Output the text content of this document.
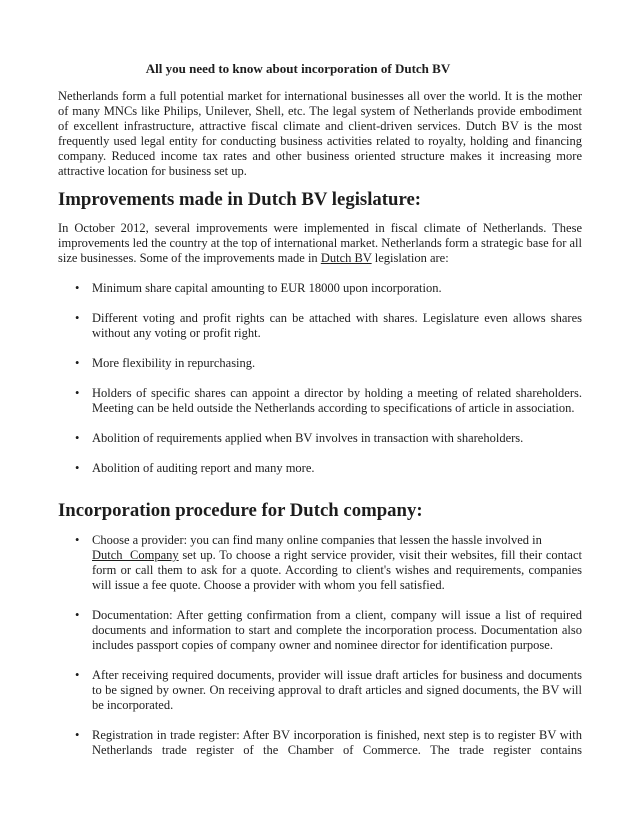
All you need to know about incorporation of Dutch BV

Netherlands form a full potential market for international businesses all over the world. It is the mother of many MNCs like Philips, Unilever, Shell, etc. The legal system of Netherlands provide embodiment of excellent infrastructure, attractive fiscal climate and client-driven services. Dutch BV is the most frequently used legal entity for conducting business activities related to royalty, holding and financing company. Reduced income tax rates and other business oriented structure makes it increasing more attractive location for business set up.

Improvements made in Dutch BV legislature:

In October 2012, several improvements were implemented in fiscal climate of Netherlands. These improvements led the country at the top of international market. Netherlands form a strategic base for all size businesses. Some of the improvements made in Dutch BV legislation are:

• Minimum share capital amounting to EUR 18000 upon incorporation.
• Different voting and profit rights can be attached with shares. Legislature even allows shares without any voting or profit right.
• More flexibility in repurchasing.
• Holders of specific shares can appoint a director by holding a meeting of related shareholders. Meeting can be held outside the Netherlands according to specifications of article in association.
• Abolition of requirements applied when BV involves in transaction with shareholders.
• Abolition of auditing report and many more.
Incorporation procedure for Dutch company:
• Choose a provider: you can find many online companies that lessen the hassle involved in
Dutch  Company set up. To choose a right service provider, visit their websites, fill their contact form or call them to ask for a quote. According to client's wishes and requirements, companies will issue a fee quote. Choose a provider with whom you fell satisfied.
• Documentation: After getting confirmation from a client, company will issue a list of required documents and information to start and complete the incorporation process. Documentation also includes passport copies of company owner and nominee director for identification purpose.
• After receiving required documents, provider will issue draft articles for business and documents to be signed by owner. On receiving approval to draft articles and signed documents, the BV will be incorporated.
• Registration in trade register: After BV incorporation is finished, next step is to register BV with Netherlands trade register of the Chamber of Commerce. The trade register contains
